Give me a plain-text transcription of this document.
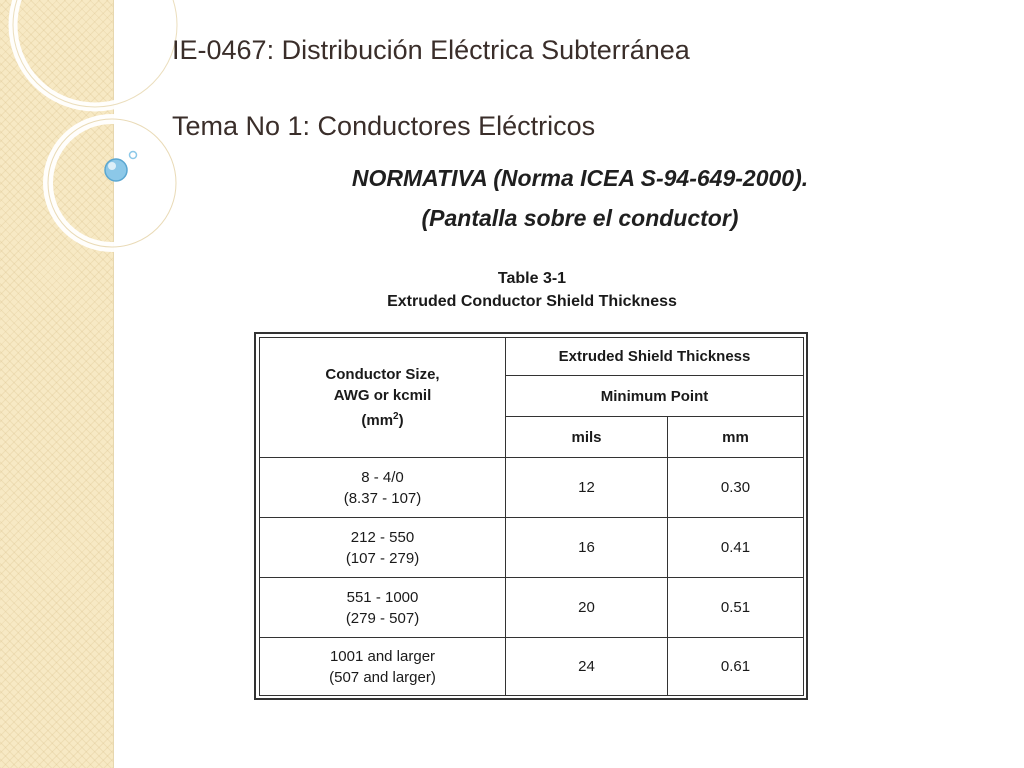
IE-0467: Distribución Eléctrica Subterránea
Tema No 1: Conductores Eléctricos

NORMATIVA (Norma ICEA S-94-649-2000).

(Pantalla sobre el conductor)

Table 3-1
Extruded Conductor Shield Thickness
Conductor Size,
AWG or kcmil
$(mm^2)$	Extruded Shield Thickness	
	Minimum Point	
	mils	mm

8 - 4/0
(8.37 - 107)	12	0.30

212 - 550
(107 - 279)	16	0.41

551 - 1000
(279 - 507)	20	0.51

1001 and larger
(507 and larger)	24	0.61
